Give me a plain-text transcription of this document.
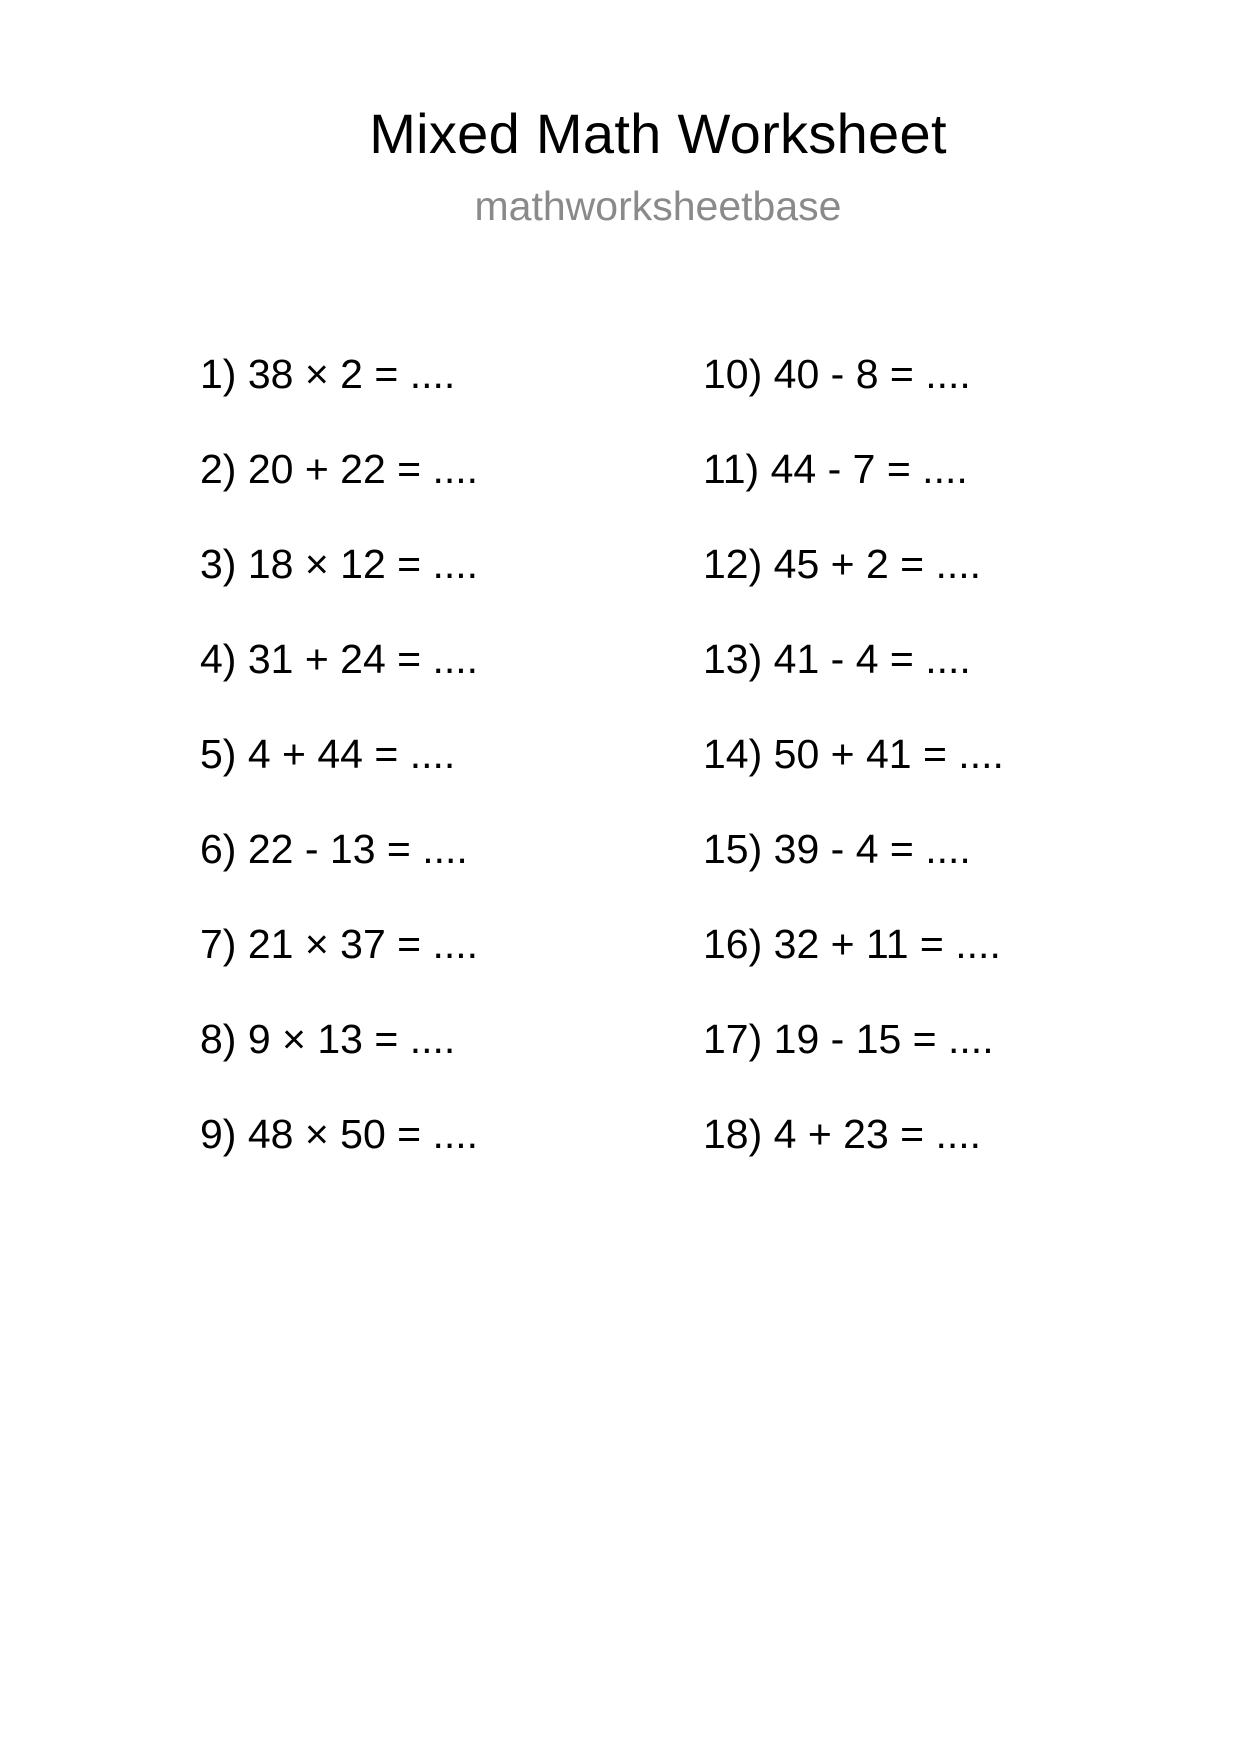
Mixed Math Worksheet
mathworksheetbase
1) 38 × 2 = ....
2) 20 + 22 = ....
3) 18 × 12 = ....
4) 31 + 24 = ....
5) 4 + 44 = ....
6) 22 - 13 = ....
7) 21 × 37 = ....
8) 9 × 13 = ....
9) 48 × 50 = ....
10) 40 - 8 = ....
11) 44 - 7 = ....
12) 45 + 2 = ....
13) 41 - 4 = ....
14) 50 + 41 = ....
15) 39 - 4 = ....
16) 32 + 11 = ....
17) 19 - 15 = ....
18) 4 + 23 = ....
